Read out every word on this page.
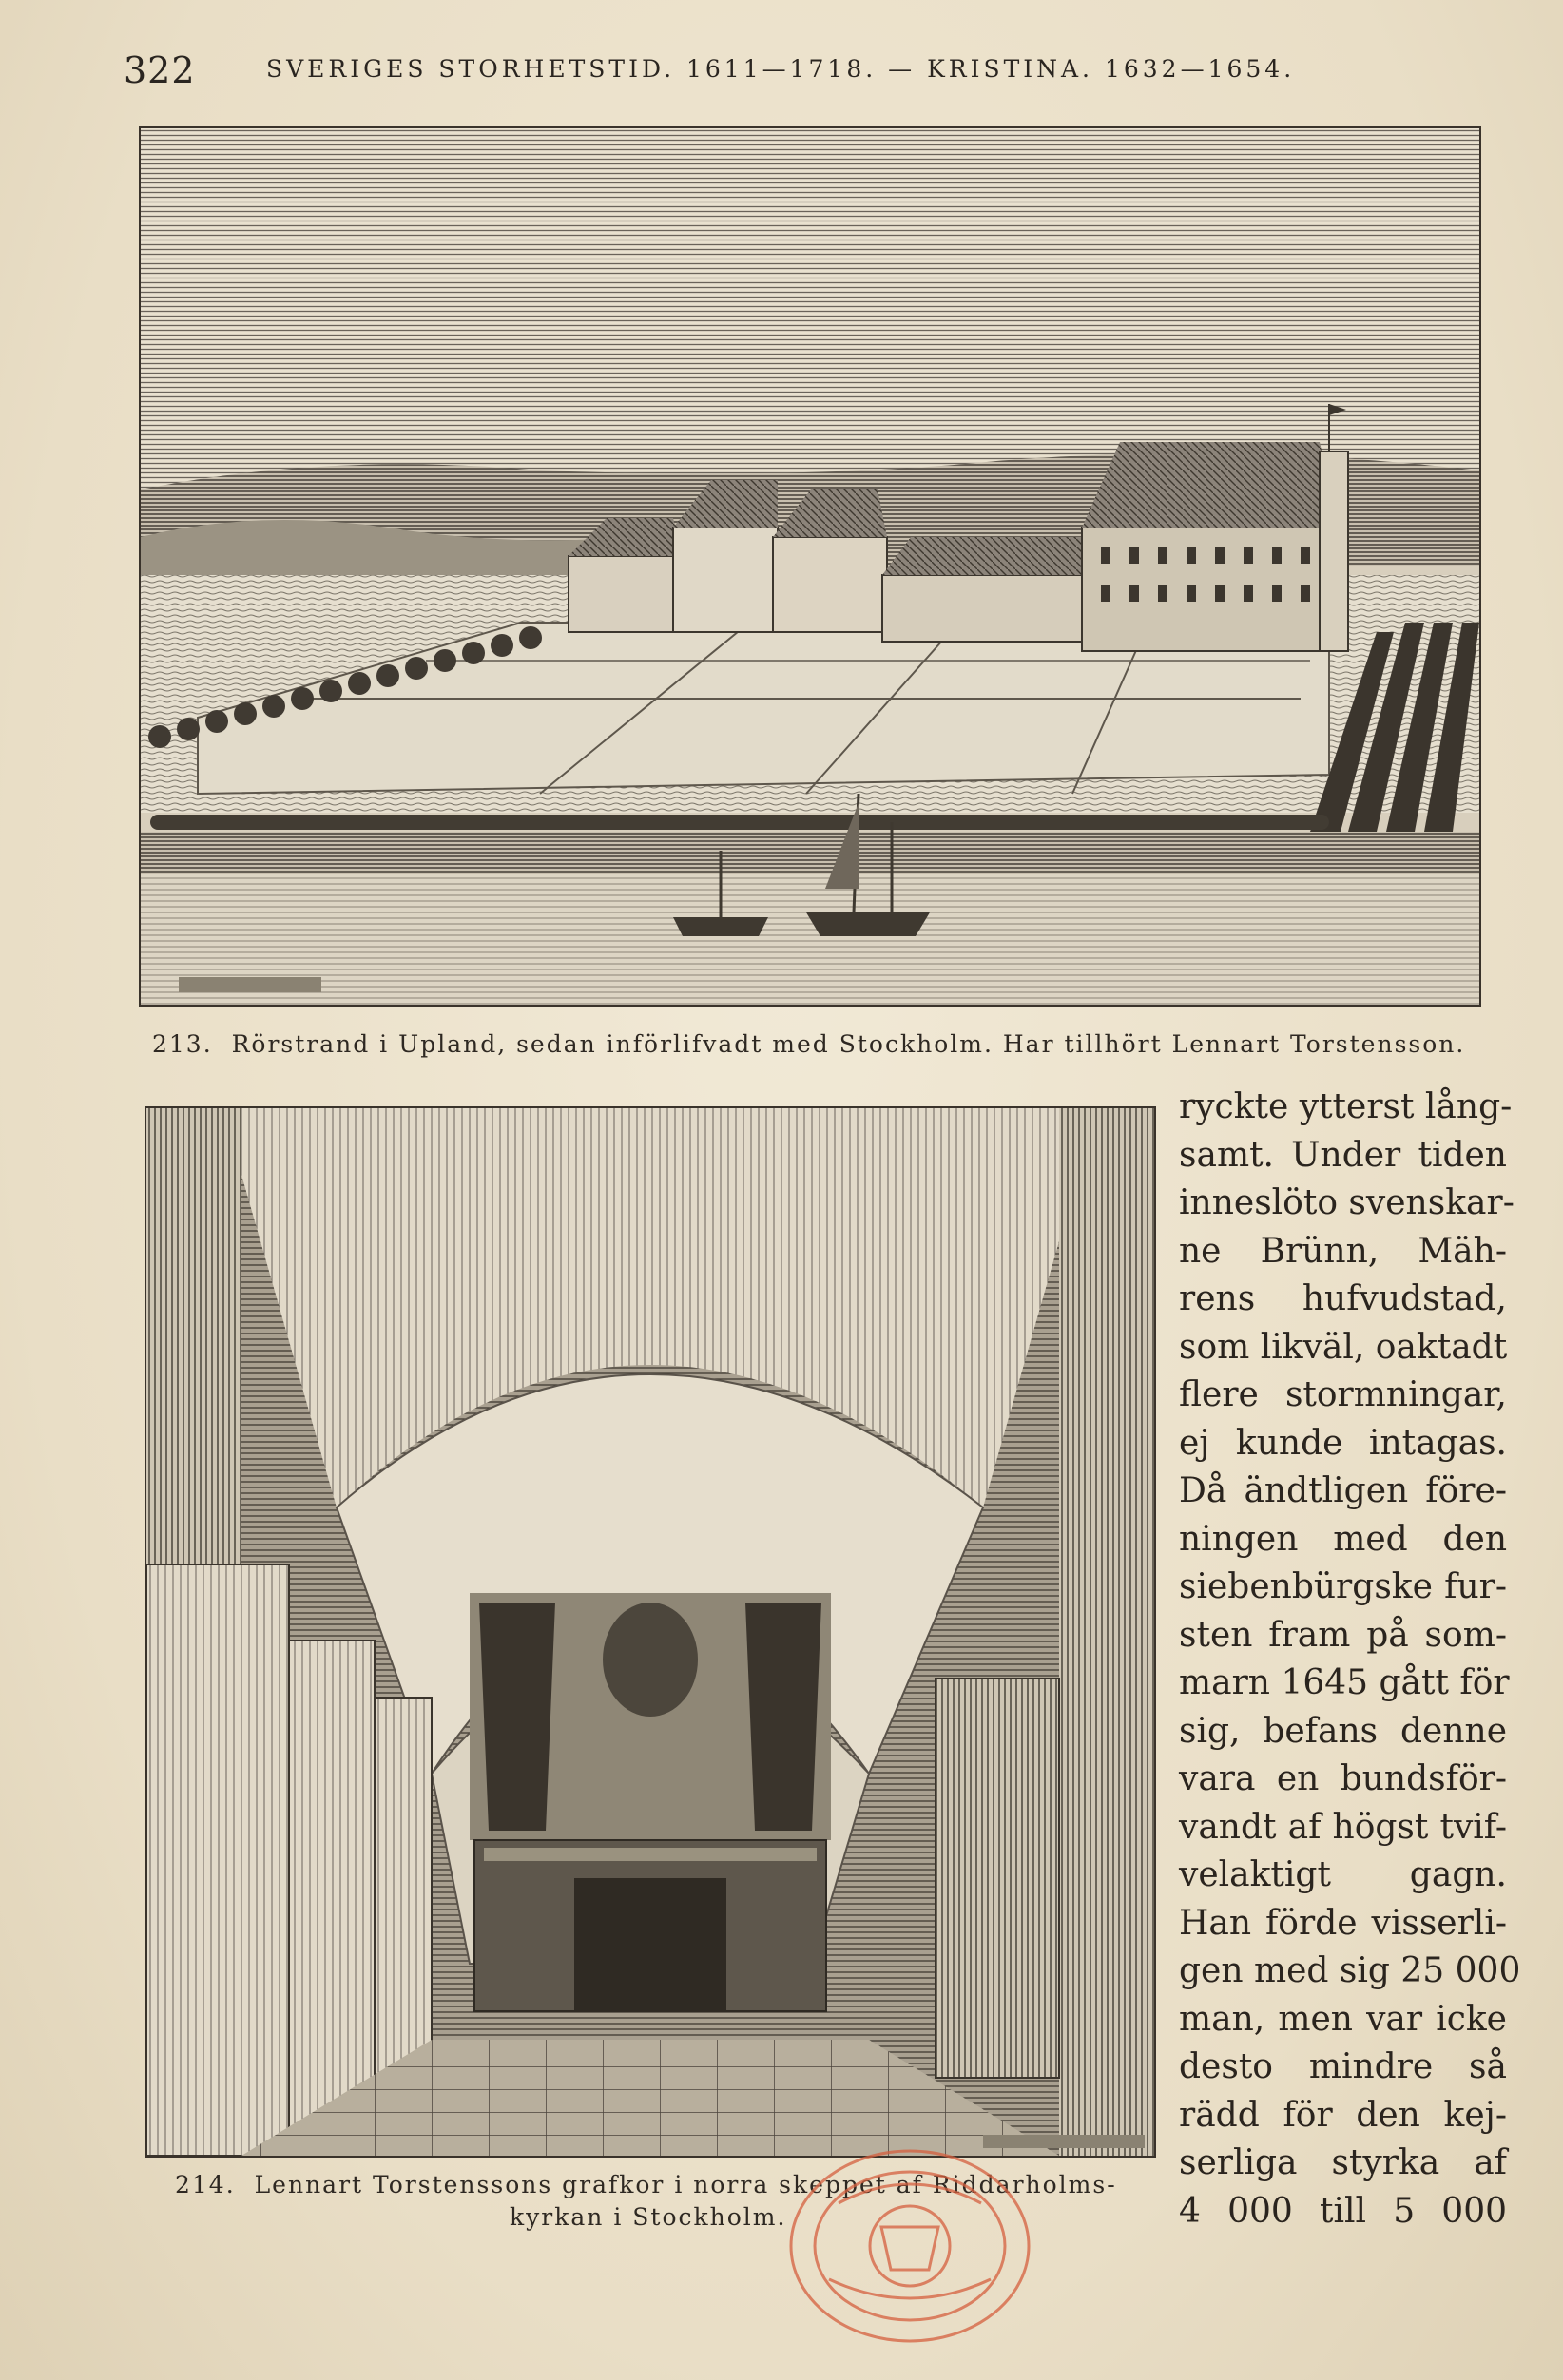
322	SVERIGES STORHETSTID. 1611—1718. — KRISTINA. 1632—1654.
213. Rörstrand i Upland, sedan införlifvadt med Stockholm. Har tillhört Lennart Torstensson.
214. Lennart Torstenssons grafkor i norra skeppet af Riddarholms-
kyrkan i Stockholm.
ryckte ytterst lång-
samt. Under tiden
inneslöto svenskar-
ne Brünn, Mäh-
rens hufvudstad,
som likväl, oaktadt
flere stormningar,
ej kunde intagas.
Då ändtligen före-
ningen med den
siebenbürgske fur-
sten fram på som-
marn 1645 gått för
sig, befans denne
vara en bundsför-
vandt af högst tvif-
velaktigt gagn.
Han förde visserli-
gen med sig 25 000
man, men var icke
desto mindre så
rädd för den kej-
serliga styrka af
4 000 till 5 000
